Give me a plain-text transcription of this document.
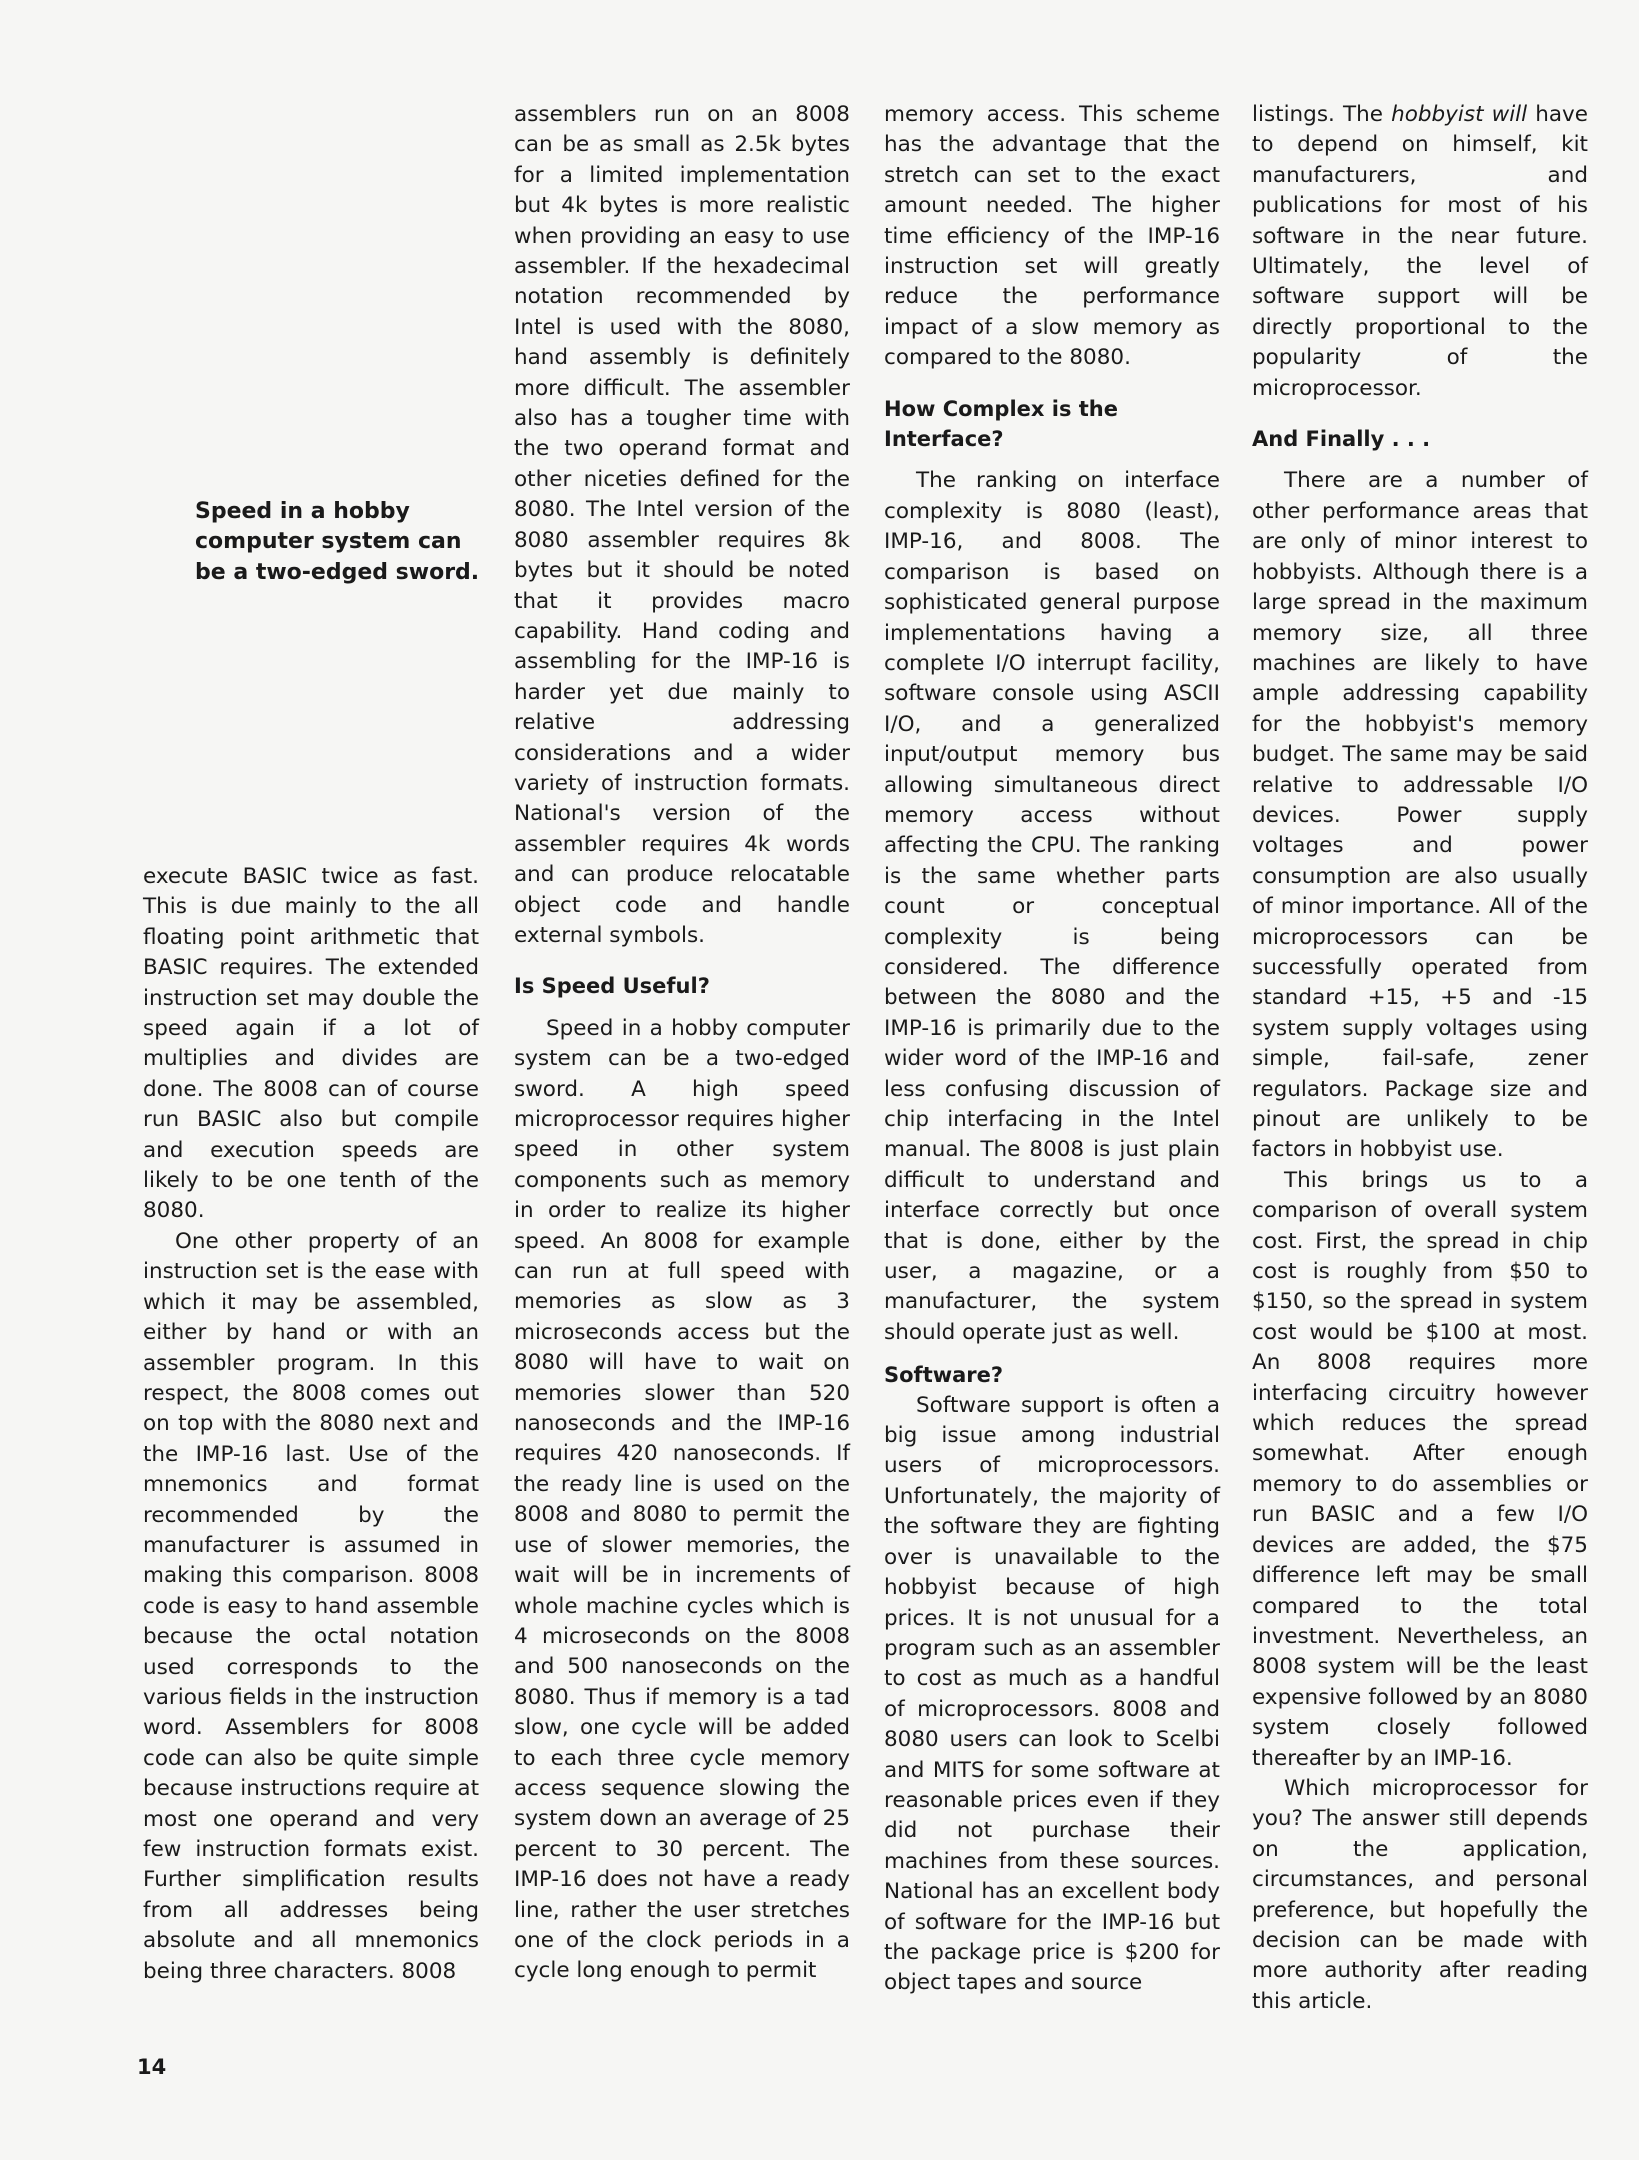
Speed in a hobby computer system can be a two-edged sword.

execute BASIC twice as fast. This is due mainly to the all floating point arithmetic that BASIC requires. The extended instruction set may double the speed again if a lot of multiplies and divides are done. The 8008 can of course run BASIC also but compile and execution speeds are likely to be one tenth of the 8080.

One other property of an instruction set is the ease with which it may be assembled, either by hand or with an assembler program. In this respect, the 8008 comes out on top with the 8080 next and the IMP-16 last. Use of the mnemonics and format recommended by the manufacturer is assumed in making this comparison. 8008 code is easy to hand assemble because the octal notation used corresponds to the various fields in the instruction word. Assemblers for 8008 code can also be quite simple because instructions require at most one operand and very few instruction formats exist. Further simplification results from all addresses being absolute and all mnemonics being three characters. 8008

assemblers run on an 8008 can be as small as 2.5k bytes for a limited implementation but 4k bytes is more realistic when providing an easy to use assembler. If the hexadecimal notation recommended by Intel is used with the 8080, hand assembly is definitely more difficult. The assembler also has a tougher time with the two operand format and other niceties defined for the 8080. The Intel version of the 8080 assembler requires 8k bytes but it should be noted that it provides macro capability. Hand coding and assembling for the IMP-16 is harder yet due mainly to relative addressing considerations and a wider variety of instruction formats. National's version of the assembler requires 4k words and can produce relocatable object code and handle external symbols.

Is Speed Useful?

Speed in a hobby computer system can be a two-edged sword. A high speed microprocessor requires higher speed in other system components such as memory in order to realize its higher speed. An 8008 for example can run at full speed with memories as slow as 3 microseconds access but the 8080 will have to wait on memories slower than 520 nanoseconds and the IMP-16 requires 420 nanoseconds. If the ready line is used on the 8008 and 8080 to permit the use of slower memories, the wait will be in increments of whole machine cycles which is 4 microseconds on the 8008 and 500 nanoseconds on the 8080. Thus if memory is a tad slow, one cycle will be added to each three cycle memory access sequence slowing the system down an average of 25 percent to 30 percent. The IMP-16 does not have a ready line, rather the user stretches one of the clock periods in a cycle long enough to permit

memory access. This scheme has the advantage that the stretch can set to the exact amount needed. The higher time efficiency of the IMP-16 instruction set will greatly reduce the performance impact of a slow memory as compared to the 8080.

How Complex is the Interface?

The ranking on interface complexity is 8080 (least), IMP-16, and 8008. The comparison is based on sophisticated general purpose implementations having a complete I/O interrupt facility, software console using ASCII I/O, and a generalized input/output memory bus allowing simultaneous direct memory access without affecting the CPU. The ranking is the same whether parts count or conceptual complexity is being considered. The difference between the 8080 and the IMP-16 is primarily due to the wider word of the IMP-16 and less confusing discussion of chip interfacing in the Intel manual. The 8008 is just plain difficult to understand and interface correctly but once that is done, either by the user, a magazine, or a manufacturer, the system should operate just as well.

Software?

Software support is often a big issue among industrial users of microprocessors. Unfortunately, the majority of the software they are fighting over is unavailable to the hobbyist because of high prices. It is not unusual for a program such as an assembler to cost as much as a handful of microprocessors. 8008 and 8080 users can look to Scelbi and MITS for some software at reasonable prices even if they did not purchase their machines from these sources. National has an excellent body of software for the IMP-16 but the package price is $200 for object tapes and source

listings. The hobbyist will have to depend on himself, kit manufacturers, and publications for most of his software in the near future. Ultimately, the level of software support will be directly proportional to the popularity of the microprocessor.

And Finally . . .

There are a number of other performance areas that are only of minor interest to hobbyists. Although there is a large spread in the maximum memory size, all three machines are likely to have ample addressing capability for the hobbyist's memory budget. The same may be said relative to addressable I/O devices. Power supply voltages and power consumption are also usually of minor importance. All of the microprocessors can be successfully operated from standard +15, +5 and -15 system supply voltages using simple, fail-safe, zener regulators. Package size and pinout are unlikely to be factors in hobbyist use.

This brings us to a comparison of overall system cost. First, the spread in chip cost is roughly from $50 to $150, so the spread in system cost would be $100 at most. An 8008 requires more interfacing circuitry however which reduces the spread somewhat. After enough memory to do assemblies or run BASIC and a few I/O devices are added, the $75 difference left may be small compared to the total investment. Nevertheless, an 8008 system will be the least expensive followed by an 8080 system closely followed thereafter by an IMP-16.

Which microprocessor for you? The answer still depends on the application, circumstances, and personal preference, but hopefully the decision can be made with more authority after reading this article.

14
